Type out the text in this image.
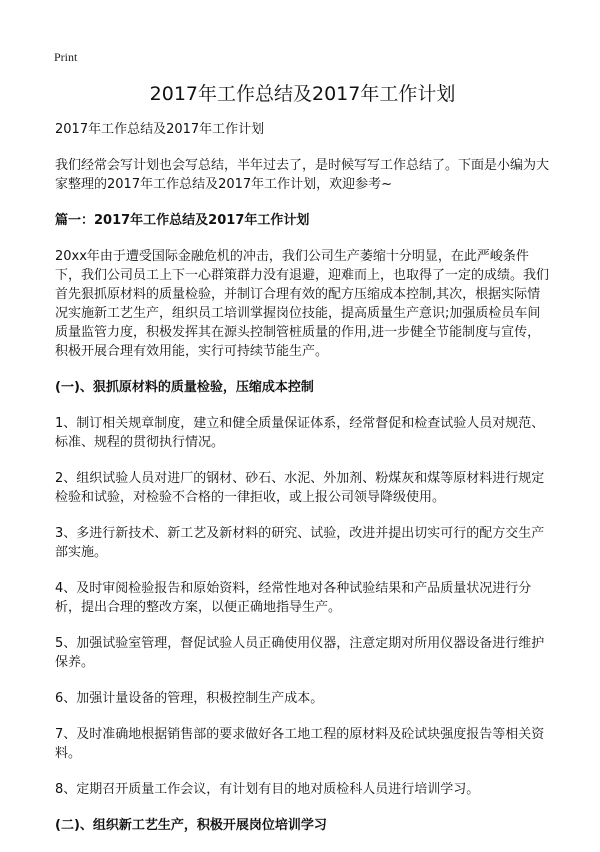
Print
2017年工作总结及2017年工作计划

2017年工作总结及2017年工作计划

我们经常会写计划也会写总结，半年过去了，是时候写写工作总结了。下面是小编为大家整理的2017年工作总结及2017年工作计划，欢迎参考~

篇一：2017年工作总结及2017年工作计划

20xx年由于遭受国际金融危机的冲击，我们公司生产萎缩十分明显，在此严峻条件下，我们公司员工上下一心群策群力没有退避，迎难而上，也取得了一定的成绩。我们首先狠抓原材料的质量检验，并制订合理有效的配方压缩成本控制,其次，根据实际情况实施新工艺生产，组织员工培训掌握岗位技能，提高质量生产意识;加强质检员车间质量监管力度，积极发挥其在源头控制管桩质量的作用,进一步健全节能制度与宣传，积极开展合理有效用能，实行可持续节能生产。

(一)、狠抓原材料的质量检验，压缩成本控制

1、制订相关规章制度，建立和健全质量保证体系，经常督促和检查试验人员对规范、标准、规程的贯彻执行情况。

2、组织试验人员对进厂的钢材、砂石、水泥、外加剂、粉煤灰和煤等原材料进行规定检验和试验，对检验不合格的一律拒收，或上报公司领导降级使用。

3、多进行新技术、新工艺及新材料的研究、试验，改进并提出切实可行的配方交生产部实施。

4、及时审阅检验报告和原始资料，经常性地对各种试验结果和产品质量状况进行分析，提出合理的整改方案，以便正确地指导生产。

5、加强试验室管理，督促试验人员正确使用仪器，注意定期对所用仪器设备进行维护保养。

6、加强计量设备的管理，积极控制生产成本。

7、及时准确地根据销售部的要求做好各工地工程的原材料及砼试块强度报告等相关资料。

8、定期召开质量工作会议，有计划有目的地对质检科人员进行培训学习。

(二)、组织新工艺生产，积极开展岗位培训学习
